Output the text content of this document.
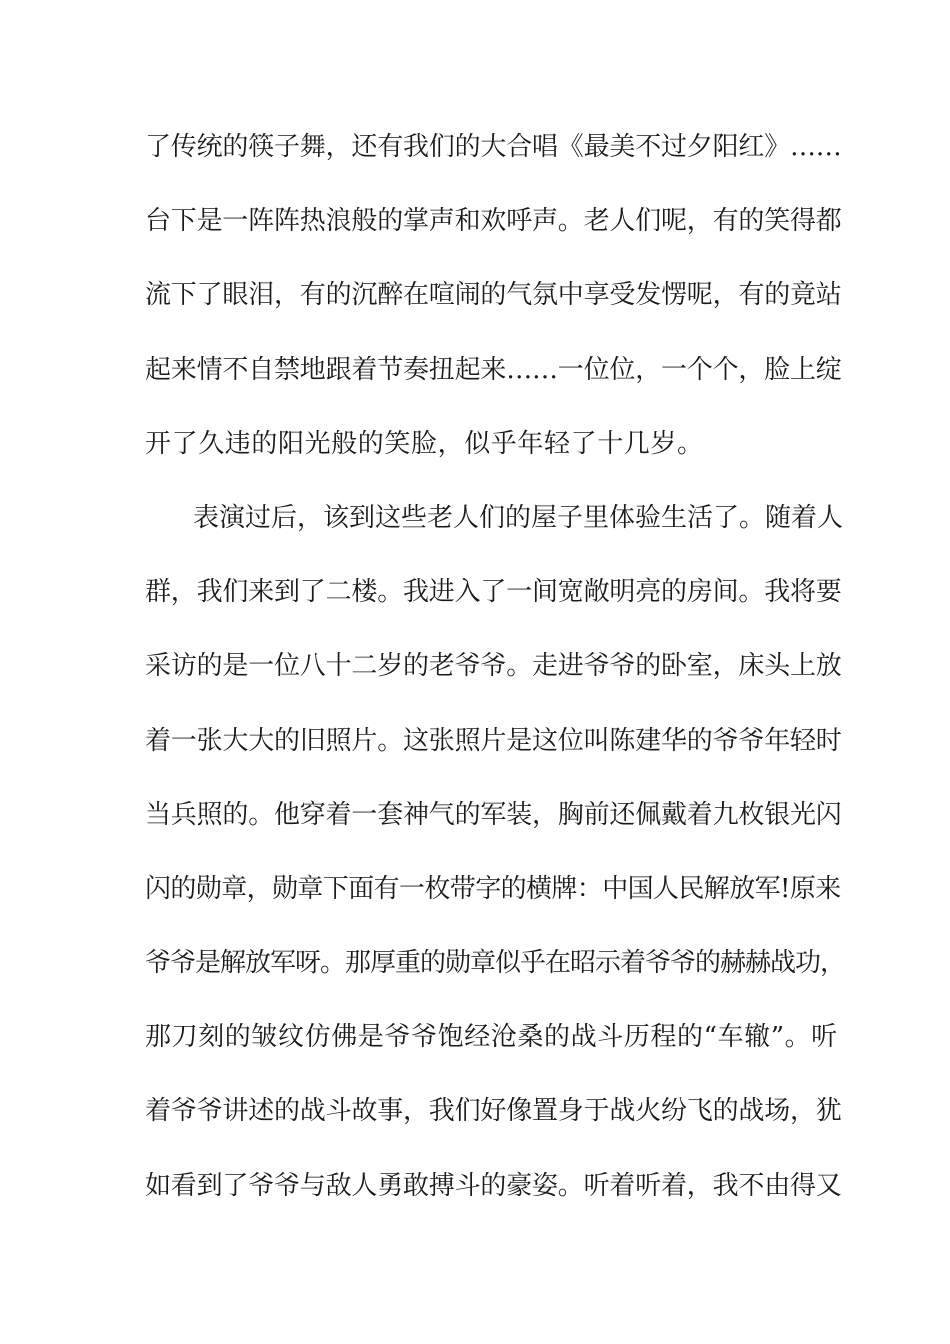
了传统的筷子舞，还有我们的大合唱《最美不过夕阳红》……
台下是一阵阵热浪般的掌声和欢呼声。老人们呢，有的笑得都
流下了眼泪，有的沉醉在喧闹的气氛中享受发愣呢，有的竟站
起来情不自禁地跟着节奏扭起来……一位位，一个个，脸上绽
开了久违的阳光般的笑脸，似乎年轻了十几岁。
表演过后，该到这些老人们的屋子里体验生活了。随着人
群，我们来到了二楼。我进入了一间宽敞明亮的房间。我将要
采访的是一位八十二岁的老爷爷。走进爷爷的卧室，床头上放
着一张大大的旧照片。这张照片是这位叫陈建华的爷爷年轻时
当兵照的。他穿着一套神气的军装，胸前还佩戴着九枚银光闪
闪的勋章，勋章下面有一枚带字的横牌：中国人民解放军!原来
爷爷是解放军呀。那厚重的勋章似乎在昭示着爷爷的赫赫战功，
那刀刻的皱纹仿佛是爷爷饱经沧桑的战斗历程的“车辙”。听
着爷爷讲述的战斗故事，我们好像置身于战火纷飞的战场，犹
如看到了爷爷与敌人勇敢搏斗的豪姿。听着听着，我不由得又
